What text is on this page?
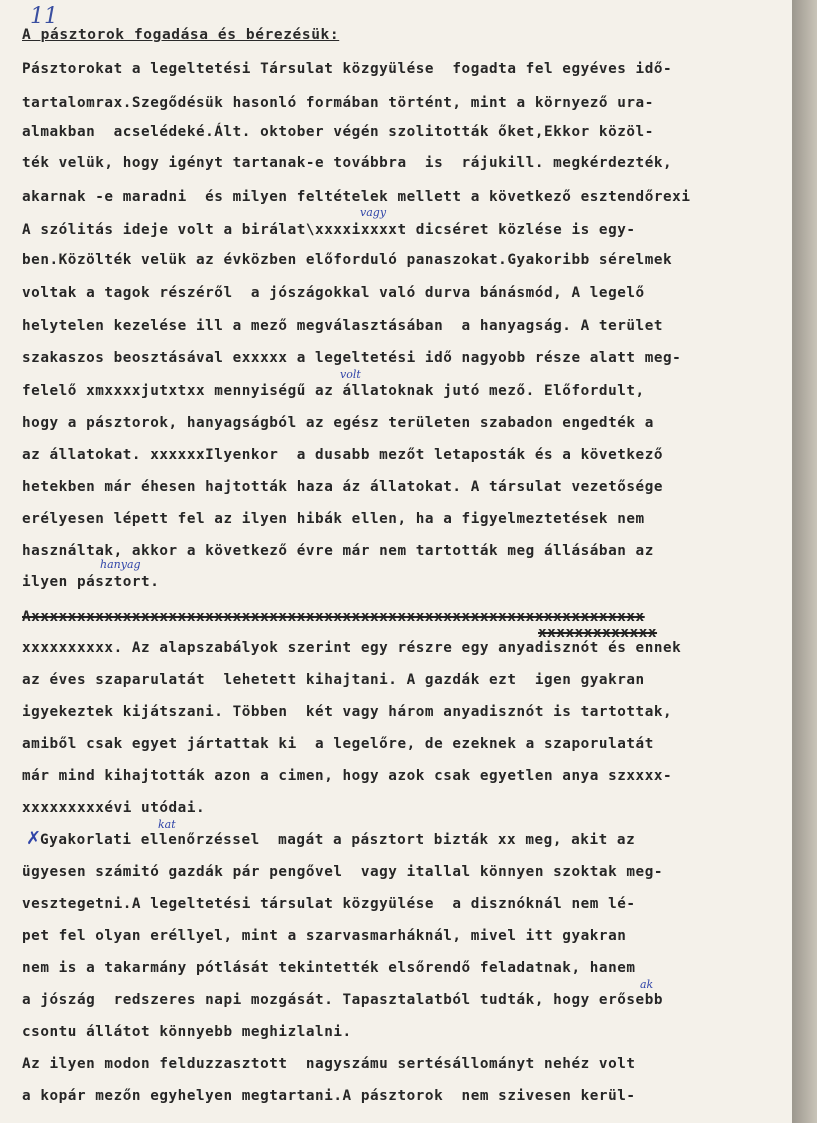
11
A pásztorok fogadása és bérezésük:
Pásztorokat a legeltetési Társulat közgyülése  fogadta fel egyéves idő-
tartalomrax.Szegődésük hasonló formában történt, mint a környező ura-
almakban  acselédeké.Ált. oktober végén szolitották őket,Ekkor közöl-
ték velük, hogy igényt tartanak-e továbbra  is  rájukill. megkérdezték,
akarnak -e maradni  és milyen feltételek mellett a következő esztendőrexi
A szólitás ideje volt a birálat\xxxxixxxxt dicséret közlése is egy-
ben.Közölték velük az évközben előforduló panaszokat.Gyakoribb sérelmek
voltak a tagok részéről  a jószágokkal való durva bánásmód, A legelő
helytelen kezelése ill a mező megválasztásában  a hanyagság. A terület
szakaszos beosztásával exxxxx a legeltetési idő nagyobb része alatt meg-
felelő xmxxxxjutxtxx mennyiségű az állatoknak jutó mező. Előfordult,
hogy a pásztorok, hanyagságból az egész területen szabadon engedték a
az állatokat. xxxxxxIlyenkor  a dusabb mezőt letaposták és a következő
hetekben már éhesen hajtották haza áz állatokat. A társulat vezetősége
erélyesen lépett fel az ilyen hibák ellen, ha a figyelmeztetések nem
használtak, akkor a következő évre már nem tartották meg állásában az
ilyen pásztort.
Axxxxxxxxxxxxxxxxxxxxxxxxxxxxxxxxxxxxxxxxxxxxxxxxxxxxxxxxxxxxxxxxxxx
xxxxxxxxxxxxx
xxxxxxxxxx. Az alapszabályok szerint egy részre egy anyadisznót és ennek
az éves szaparulatát  lehetett kihajtani. A gazdák ezt  igen gyakran
igyekeztek kijátszani. Többen  két vagy három anyadisznót is tartottak,
amiből csak egyet jártattak ki  a legelőre, de ezeknek a szaporulatát
már mind kihajtották azon a cimen, hogy azok csak egyetlen anya szxxxx-
xxxxxxxxxévi utódai.
Gyakorlati ellenőrzéssel  magát a pásztort bizták xx meg, akit az
ügyesen számitó gazdák pár pengővel  vagy itallal könnyen szoktak meg-
vesztegetni.A legeltetési társulat közgyülése  a disznóknál nem lé-
pet fel olyan eréllyel, mint a szarvasmarháknál, mivel itt gyakran
nem is a takarmány pótlását tekintették elsőrendő feladatnak, hanem
a jószág  redszeres napi mozgását. Tapasztalatból tudták, hogy erősebb
csontu állátot könnyebb meghizlalni.
Az ilyen modon felduzzasztott  nagyszámu sertésállományt nehéz volt
a kopár mezőn egyhelyen megtartani.A pásztorok  nem szivesen kerül-
vagy
volt
hanyag
kat
ak
✗
